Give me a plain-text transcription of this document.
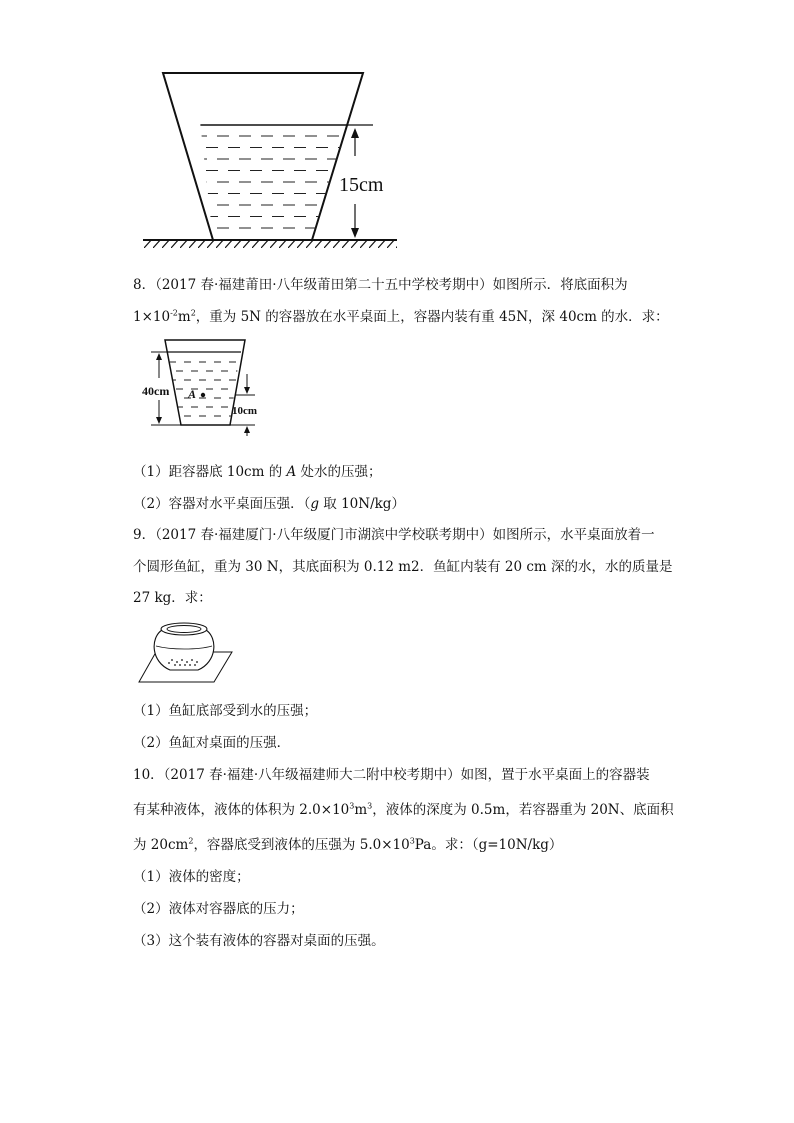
15cm
8．（2017 春·福建莆田·八年级莆田第二十五中学校考期中）如图所示．将底面积为
$1\times 10^{-2}m^2$，重为 5N 的容器放在水平桌面上，容器内装有重 45N，深 40cm 的水．求：
40cm A
10cm
（1）距容器底 10cm 的 A 处水的压强；
（2）容器对水平桌面压强．（g 取 10N/kg）
9．（2017 春·福建厦门·八年级厦门市湖滨中学校联考期中）如图所示，水平桌面放着一
个圆形鱼缸，重为 30 N，其底面积为 0.12 m2．鱼缸内装有 20 cm 深的水，水的质量是
27 kg．求：
（1）鱼缸底部受到水的压强；
（2）鱼缸对桌面的压强．
10．（2017 春·福建·八年级福建师大二附中校考期中）如图，置于水平桌面上的容器装
有某种液体，液体的体积为 $2.0\times 10^3m^3$，液体的深度为 0.5m，若容器重为 20N、底面积
为 $20cm^2$，容器底受到液体的压强为 $5.0\times 10^3Pa$。求：（g=10N/kg）
（1）液体的密度；
（2）液体对容器底的压力；
（3）这个装有液体的容器对桌面的压强。
